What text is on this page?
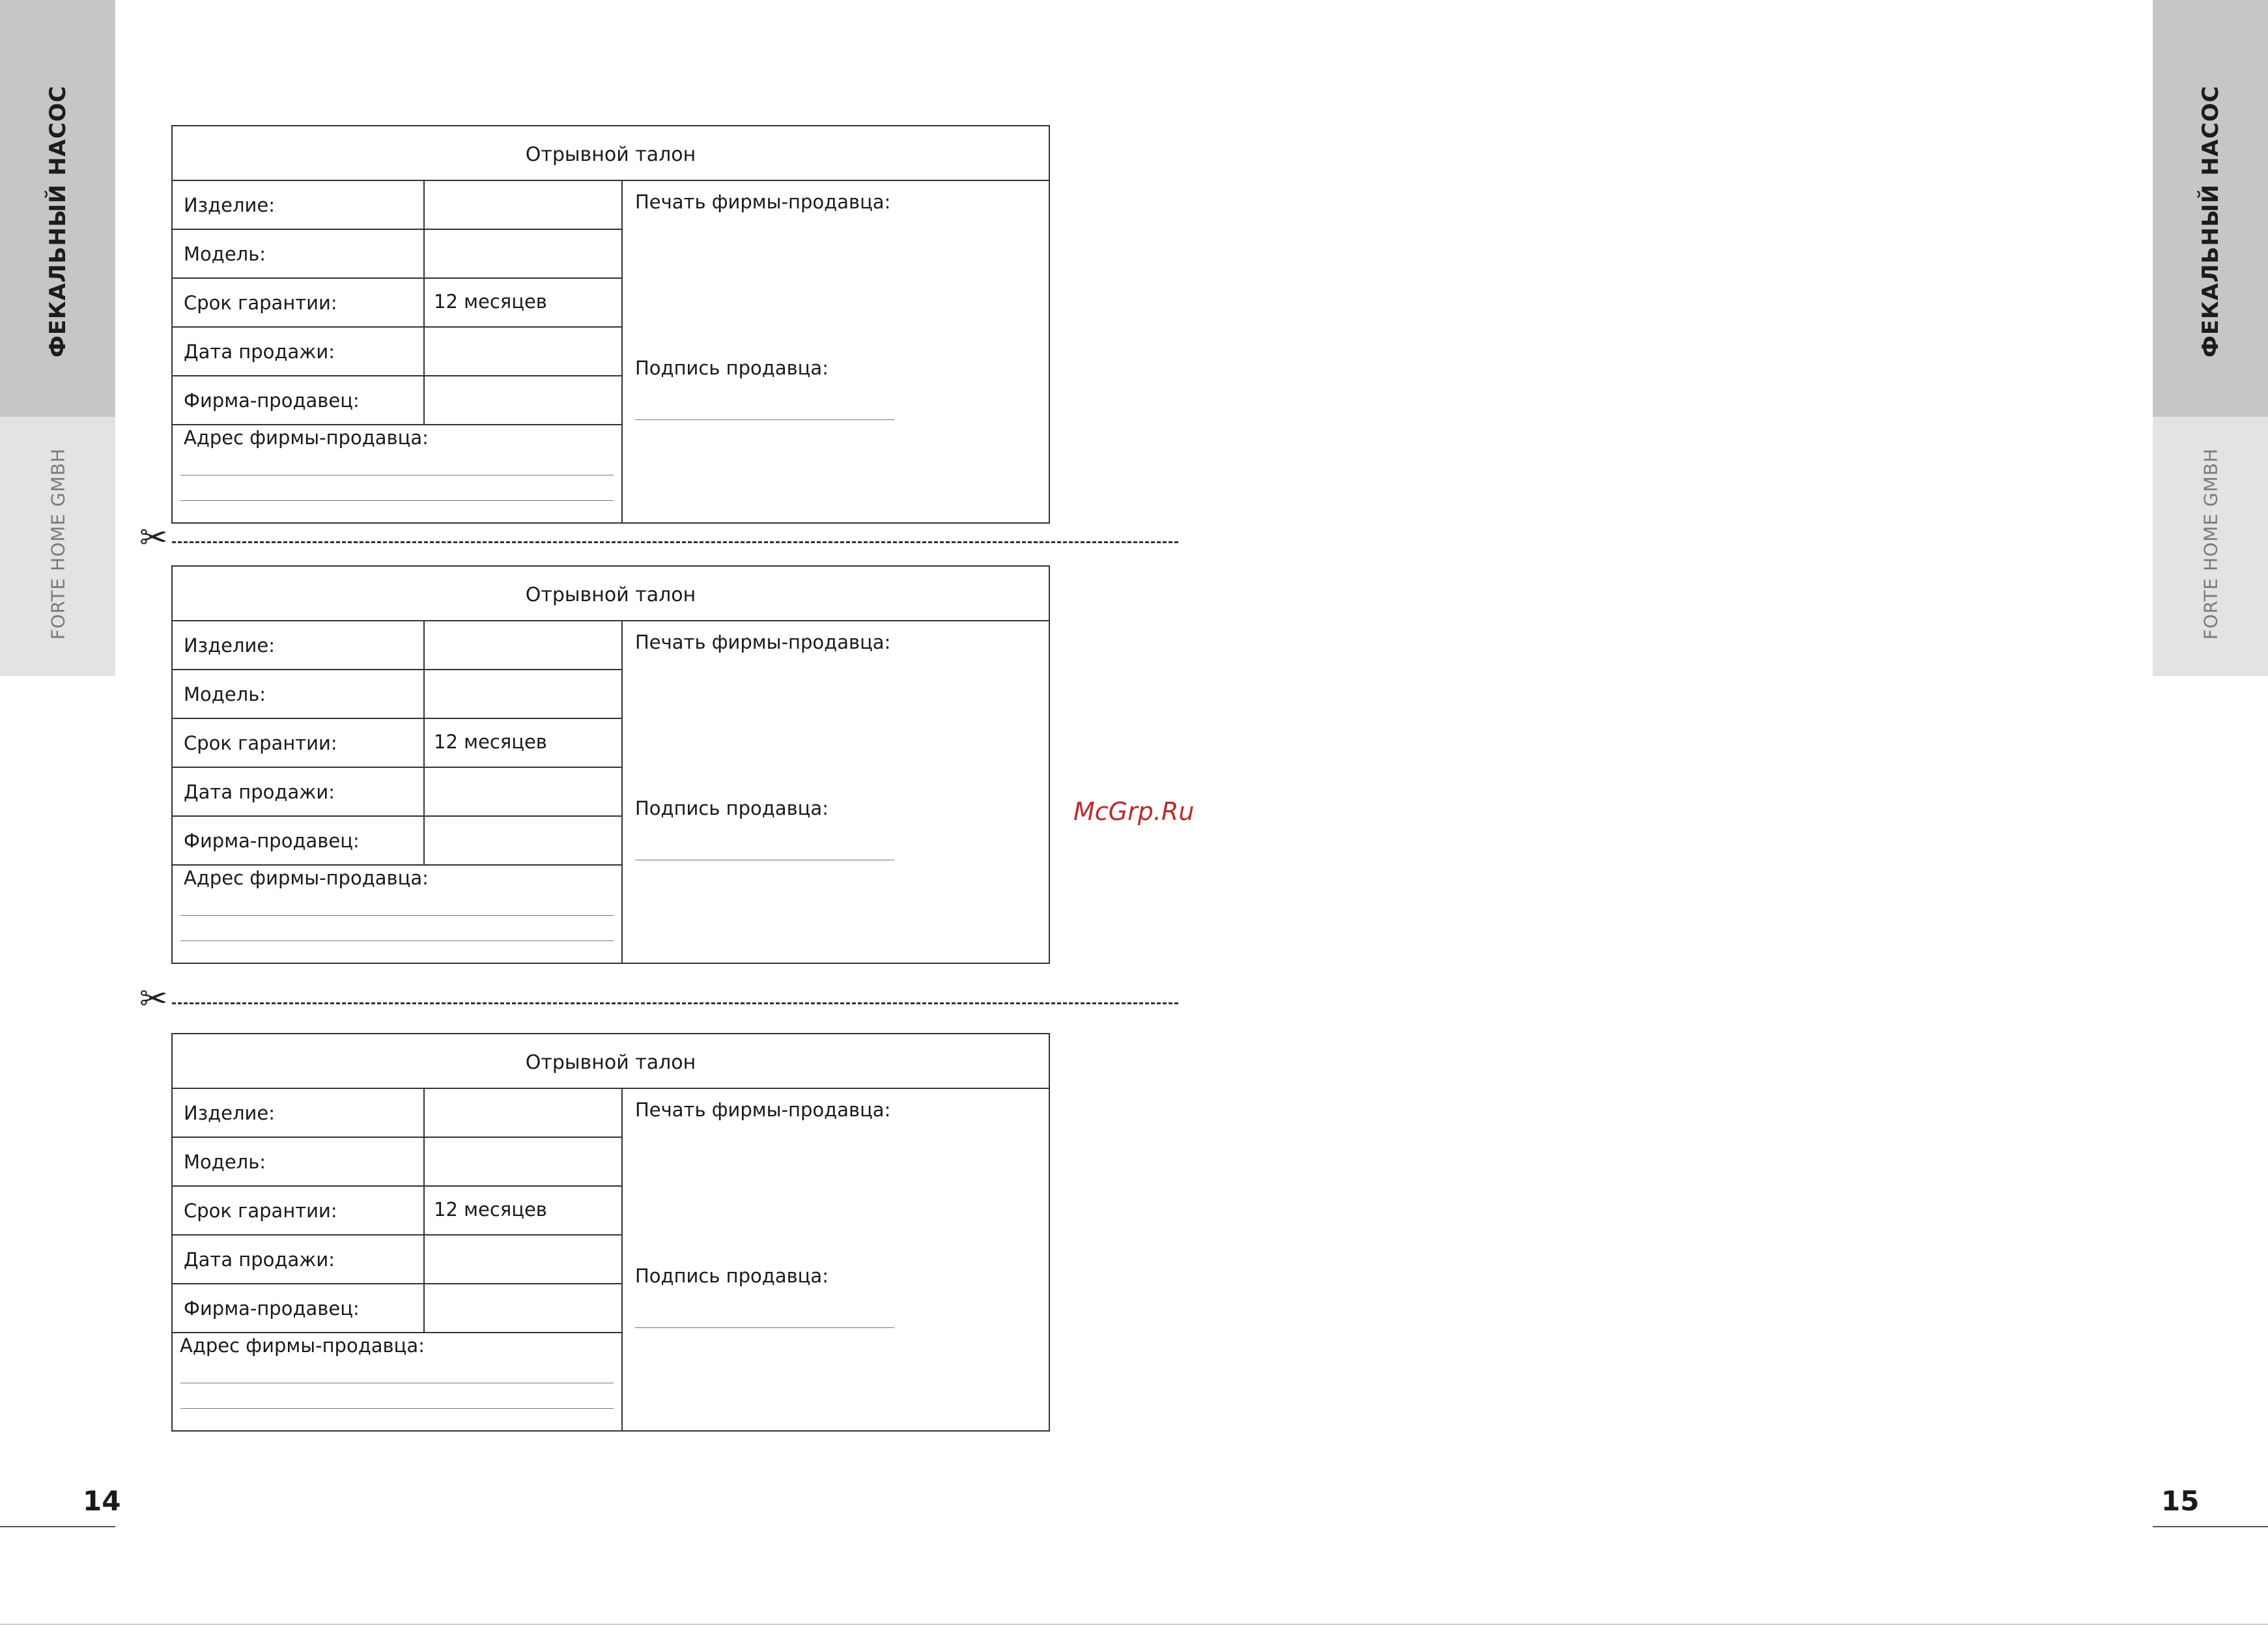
ФЕКАЛЬНЫЙ НАСОС
FORTE HOME GMBH
ФЕКАЛЬНЫЙ НАСОС
FORTE HOME GMBH
Отрывной талон
Изделие:
Модель:
Срок гарантии:	12 месяцев
Дата продажи:
Фирма-продавец:
Адрес фирмы-продавца:
Печать фирмы-продавца:
Подпись продавца:
✂
Отрывной талон
Изделие:
Модель:
Срок гарантии:	12 месяцев
Дата продажи:
Фирма-продавец:
Адрес фирмы-продавца:
Печать фирмы-продавца:
Подпись продавца:
✂
Отрывной талон
Изделие:
Модель:
Срок гарантии:	12 месяцев
Дата продажи:
Фирма-продавец:
Адрес фирмы-продавца:
Печать фирмы-продавца:
Подпись продавца:
McGrp.Ru
14	15
